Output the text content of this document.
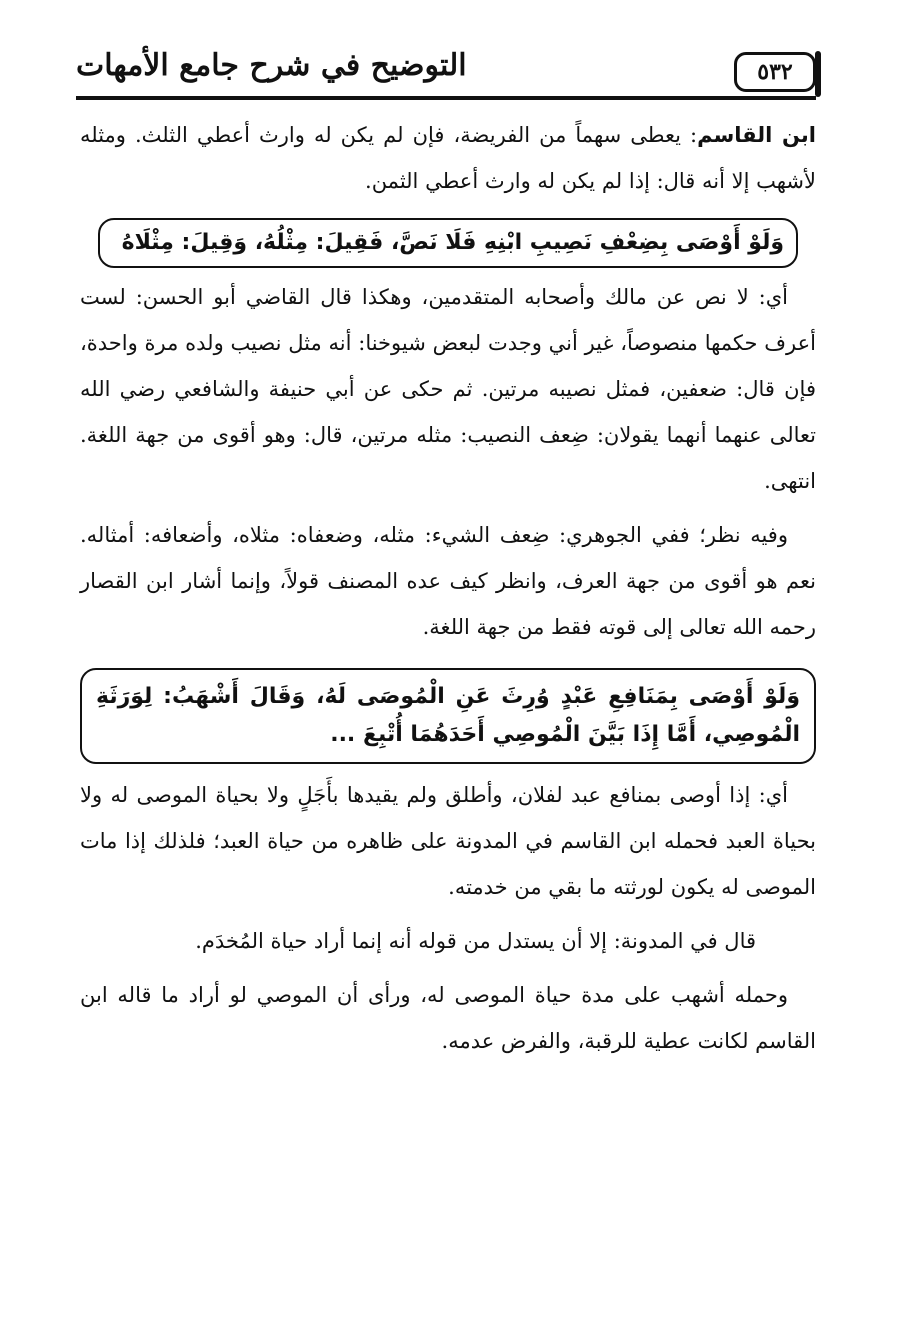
٥٣٢
التوضيح في شرح جامع الأمهات

ابن القاسم: يعطى سهماً من الفريضة، فإن لم يكن له وارث أعطي الثلث. ومثله لأشهب إلا أنه قال: إذا لم يكن له وارث أعطي الثمن.

وَلَوْ أَوْصَى بِضِعْفِ نَصِيبِ ابْنِهِ فَلَا نَصَّ، فَقِيلَ: مِثْلُهُ، وَقِيلَ: مِثْلَاهُ

أي: لا نص عن مالك وأصحابه المتقدمين، وهكذا قال القاضي أبو الحسن: لست أعرف حكمها منصوصاً، غير أني وجدت لبعض شيوخنا: أنه مثل نصيب ولده مرة واحدة، فإن قال: ضعفين، فمثل نصيبه مرتين. ثم حكى عن أبي حنيفة والشافعي رضي الله تعالى عنهما أنهما يقولان: ضِعف النصيب: مثله مرتين، قال: وهو أقوى من جهة اللغة. انتهى.

وفيه نظر؛ ففي الجوهري: ضِعف الشيء: مثله، وضعفاه: مثلاه، وأضعافه: أمثاله. نعم هو أقوى من جهة العرف، وانظر كيف عده المصنف قولاً، وإنما أشار ابن القصار رحمه الله تعالى إلى قوته فقط من جهة اللغة.

وَلَوْ أَوْصَى بِمَنَافِعِ عَبْدٍ وُرِثَ عَنِ الْمُوصَى لَهُ، وَقَالَ أَشْهَبُ: لِوَرَثَةِ الْمُوصِي، أَمَّا إِذَا بَيَّنَ الْمُوصِي أَحَدَهُمَا أُتْبِعَ ...

أي: إذا أوصى بمنافع عبد لفلان، وأطلق ولم يقيدها بأَجَلٍ ولا بحياة الموصى له ولا بحياة العبد فحمله ابن القاسم في المدونة على ظاهره من حياة العبد؛ فلذلك إذا مات الموصى له يكون لورثته ما بقي من خدمته.

قال في المدونة: إلا أن يستدل من قوله أنه إنما أراد حياة المُخدَم.

وحمله أشهب على مدة حياة الموصى له، ورأى أن الموصي لو أراد ما قاله ابن القاسم لكانت عطية للرقبة، والفرض عدمه.
